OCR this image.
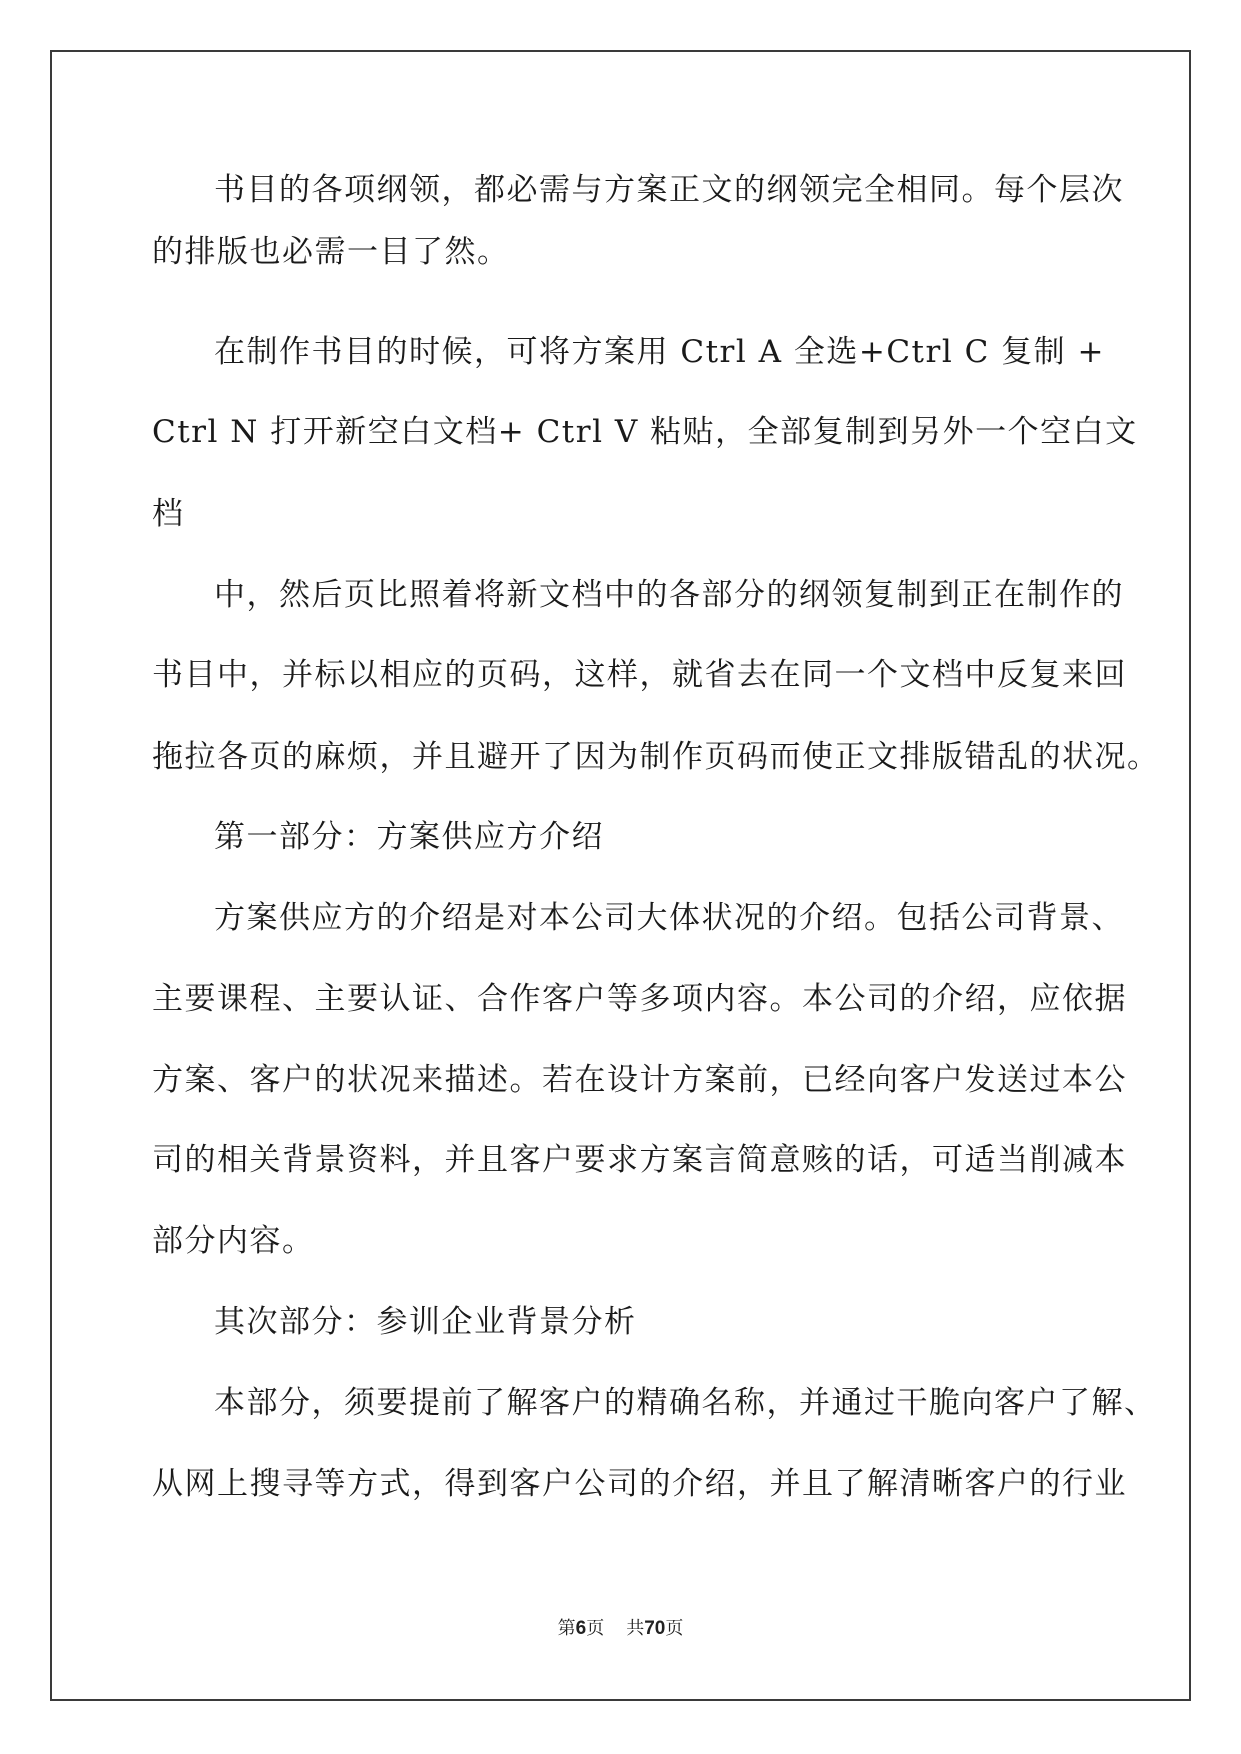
书目的各项纲领，都必需与方案正文的纲领完全相同。每个层次
的排版也必需一目了然。
在制作书目的时候，可将方案用 Ctrl A 全选+Ctrl C 复制 +
Ctrl N 打开新空白文档+ Ctrl V 粘贴，全部复制到另外一个空白文
档
中，然后页比照着将新文档中的各部分的纲领复制到正在制作的
书目中，并标以相应的页码，这样，就省去在同一个文档中反复来回
拖拉各页的麻烦，并且避开了因为制作页码而使正文排版错乱的状况。
第一部分：方案供应方介绍
方案供应方的介绍是对本公司大体状况的介绍。包括公司背景、
主要课程、主要认证、合作客户等多项内容。本公司的介绍，应依据
方案、客户的状况来描述。若在设计方案前，已经向客户发送过本公
司的相关背景资料，并且客户要求方案言简意赅的话，可适当削减本
部分内容。
其次部分：参训企业背景分析
本部分，须要提前了解客户的精确名称，并通过干脆向客户了解、
从网上搜寻等方式，得到客户公司的介绍，并且了解清晰客户的行业
第6页 共70页
